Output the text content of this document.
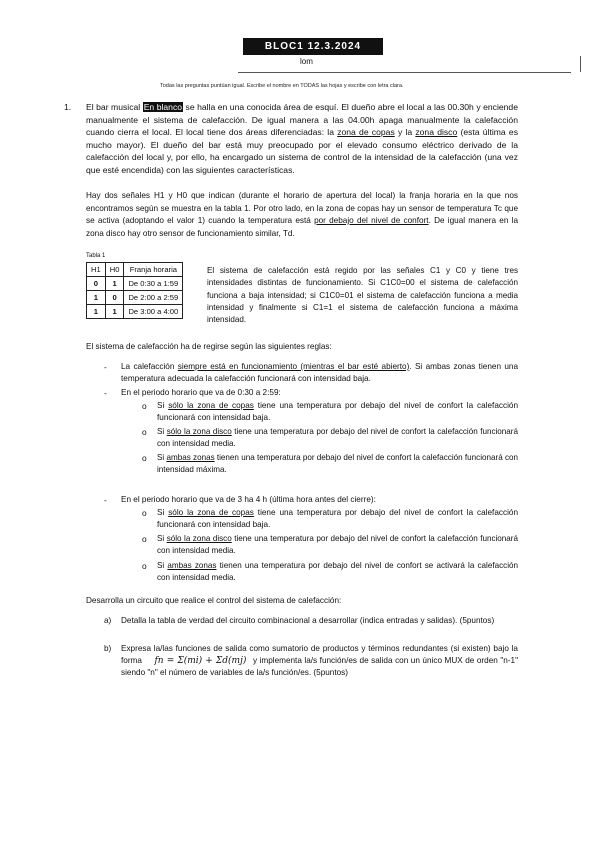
BLOC1 12.3.2024
lom
Todas las preguntas puntúan igual. Escribe el nombre en TODAS las hojas y escribe con letra clara.
1. El bar musical En blanco se halla en una conocida área de esquí. El dueño abre el local a las 00.30h y enciende manualmente el sistema de calefacción. De igual manera a las 04.00h apaga manualmente la calefacción cuando cierra el local. El local tiene dos áreas diferenciadas: la zona de copas y la zona disco (esta última es mucho mayor). El dueño del bar está muy preocupado por el elevado consumo eléctrico derivado de la calefacción del local y, por ello, ha encargado un sistema de control de la intensidad de la calefacción (una vez que esté encendida) con las siguientes características.
Hay dos señales H1 y H0 que indican (durante el horario de apertura del local) la franja horaria en la que nos encontramos según se muestra en la tabla 1. Por otro lado, en la zona de copas hay un sensor de temperatura Tc que se activa (adoptando el valor 1) cuando la temperatura está por debajo del nivel de confort. De igual manera en la zona disco hay otro sensor de funcionamiento similar, Td.
Tabla 1
H1	H0	Franja horaria
0	1	De 0:30 a 1:59
1	0	De 2:00 a 2:59
1	1	De 3:00 a 4:00
El sistema de calefacción está regido por las señales C1 y C0 y tiene tres intensidades distintas de funcionamiento. Si C1C0=00 el sistema de calefacción funciona a baja intensidad; si C1C0=01 el sistema de calefacción funciona a media intensidad y finalmente si C1=1 el sistema de calefacción funciona a máxima intensidad.
El sistema de calefacción ha de regirse según las siguientes reglas:
- La calefacción siempre está en funcionamiento (mientras el bar esté abierto). Si ambas zonas tienen una temperatura adecuada la calefacción funcionará con intensidad baja.
- En el periodo horario que va de 0:30 a 2:59:
o Si sólo la zona de copas tiene una temperatura por debajo del nivel de confort la calefacción funcionará con intensidad baja.
o Si sólo la zona disco tiene una temperatura por debajo del nivel de confort la calefacción funcionará con intensidad media.
o Si ambas zonas tienen una temperatura por debajo del nivel de confort la calefacción funcionará con intensidad máxima.
- En el periodo horario que va de 3 ha 4 h (última hora antes del cierre):
o Si sólo la zona de copas tiene una temperatura por debajo del nivel de confort la calefacción funcionará con intensidad baja.
o Si sólo la zona disco tiene una temperatura por debajo del nivel de confort la calefacción funcionará con intensidad media.
o Si ambas zonas tienen una temperatura por debajo del nivel de confort se activará la calefacción con intensidad media.
Desarrolla un circuito que realice el control del sistema de calefacción:
a) Detalla la tabla de verdad del circuito combinacional a desarrollar (indica entradas y salidas). (5puntos)
b) Expresa la/las funciones de salida como sumatorio de productos y términos redundantes (si existen) bajo la forma fn = Σ(mi) + Σd(mj) y implementa la/s función/es de salida con un único MUX de orden "n-1" siendo "n" el número de variables de la/s función/es. (5puntos)
